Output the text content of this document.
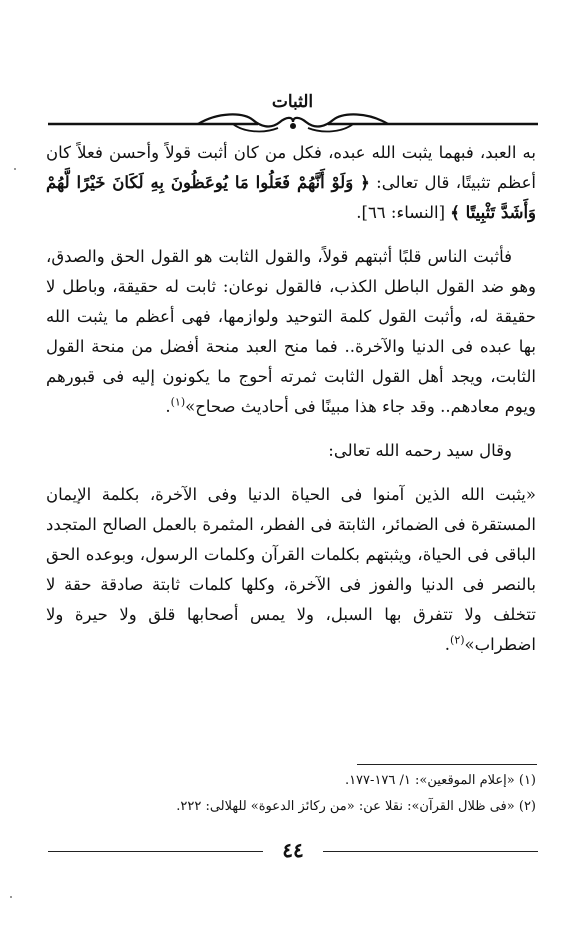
الثبات

به العبد، فبهما يثبت الله عبده، فكل من كان أثبت قولاً وأحسن فعلاً كان أعظم تثبيتًا، قال تعالى: ﴿ وَلَوْ أَنَّهُمْ فَعَلُوا مَا يُوعَظُونَ بِهِ لَكَانَ خَيْرًا لَّهُمْ وَأَشَدَّ تَثْبِيتًا ﴾ [النساء: ٦٦].

فأثبت الناس قلبًا أثبتهم قولاً، والقول الثابت هو القول الحق والصدق، وهو ضد القول الباطل الكذب، فالقول نوعان: ثابت له حقيقة، وباطل لا حقيقة له، وأثبت القول كلمة التوحيد ولوازمها، فهى أعظم ما يثبت الله بها عبده فى الدنيا والآخرة.. فما منح العبد منحة أفضل من منحة القول الثابت، ويجد أهل القول الثابت ثمرته أحوج ما يكونون إليه فى قبورهم ويوم معادهم.. وقد جاء هذا مبينًا فى أحاديث صحاح»$^{(١)}$.

وقال سيد رحمه الله تعالى:

«يثبت الله الذين آمنوا فى الحياة الدنيا وفى الآخرة، بكلمة الإيمان المستقرة فى الضمائر، الثابتة فى الفطر، المثمرة بالعمل الصالح المتجدد الباقى فى الحياة، ويثبتهم بكلمات القرآن وكلمات الرسول، وبوعده الحق بالنصر فى الدنيا والفوز فى الآخرة، وكلها كلمات ثابتة صادقة حقة لا تتخلف ولا تتفرق بها السبل، ولا يمس أصحابها قلق ولا حيرة ولا اضطراب»$^{(٢)}$.

(١) «إعلام الموقعين»: ١/ ١٧٦-١٧٧.
(٢) «فى ظلال القرآن»: نقلا عن: «من ركائز الدعوة» للهلالى: ٢٢٢.
٤٤
